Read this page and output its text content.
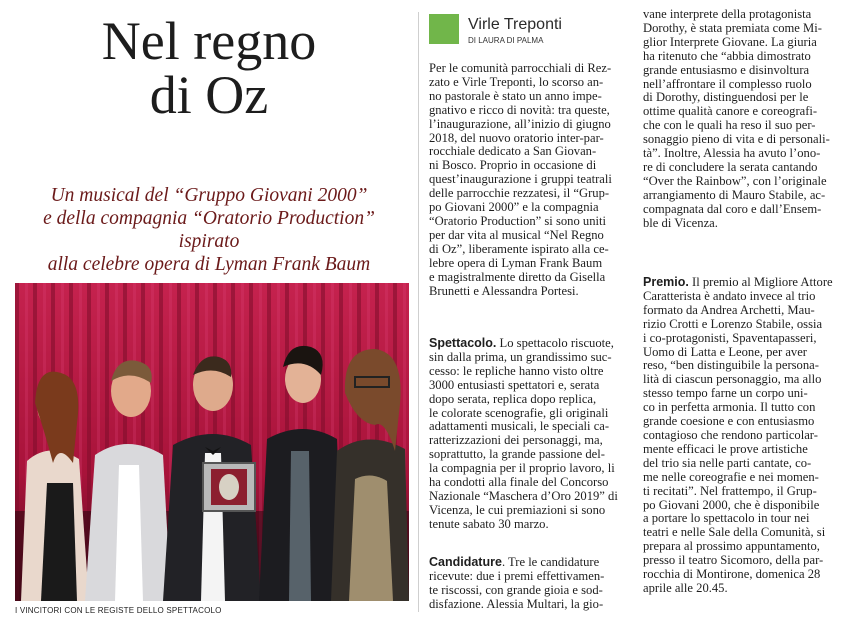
Nel regno
di Oz
Un musical del “Gruppo Giovani 2000”
e della compagnia “Oratorio Production” ispirato
alla celebre opera di Lyman Frank Baum
I VINCITORI CON LE REGISTE DELLO SPETTACOLO
Virle Treponti
DI LAURA DI PALMA
Per le comunità parrocchiali di Rez-
zato e Virle Treponti, lo scorso an-
no pastorale è stato un anno impe-
gnativo e ricco di novità: tra queste,
l’inaugurazione, all’inizio di giugno
2018, del nuovo oratorio inter-par-
rocchiale dedicato a San Giovan-
ni Bosco. Proprio in occasione di
quest’inaugurazione i gruppi teatrali
delle parrocchie rezzatesi, il “Grup-
po Giovani 2000” e la compagnia
“Oratorio Production” si sono uniti
per dar vita al musical “Nel Regno
di Oz”, liberamente ispirato alla ce-
lebre opera di Lyman Frank Baum
e magistralmente diretto da Gisella
Brunetti e Alessandra Portesi.
Spettacolo. Lo spettacolo riscuote,
sin dalla prima, un grandissimo suc-
cesso: le repliche hanno visto oltre
3000 entusiasti spettatori e, serata
dopo serata, replica dopo replica,
le colorate scenografie, gli originali
adattamenti musicali, le speciali ca-
ratterizzazioni dei personaggi, ma,
soprattutto, la grande passione del-
la compagnia per il proprio lavoro, li
ha condotti alla finale del Concorso
Nazionale “Maschera d’Oro 2019” di
Vicenza, le cui premiazioni si sono
tenute sabato 30 marzo.
Candidature. Tre le candidature
ricevute: due i premi effettivamen-
te riscossi, con grande gioia e sod-
disfazione. Alessia Multari, la gio-
vane interprete della protagonista
Dorothy, è stata premiata come Mi-
glior Interprete Giovane. La giuria
ha ritenuto che “abbia dimostrato
grande entusiasmo e disinvoltura
nell’affrontare il complesso ruolo
di Dorothy, distinguendosi per le
ottime qualità canore e coreografi-
che con le quali ha reso il suo per-
sonaggio pieno di vita e di personali-
tà”. Inoltre, Alessia ha avuto l’ono-
re di concludere la serata cantando
“Over the Rainbow”, con l’originale
arrangiamento di Mauro Stabile, ac-
compagnata dal coro e dall’Ensem-
ble di Vicenza.
Premio. Il premio al Migliore Attore
Caratterista è andato invece al trio
formato da Andrea Archetti, Mau-
rizio Crotti e Lorenzo Stabile, ossia
i co-protagonisti, Spaventapasseri,
Uomo di Latta e Leone, per aver
reso, “ben distinguibile la persona-
lità di ciascun personaggio, ma allo
stesso tempo farne un corpo uni-
co in perfetta armonia. Il tutto con
grande coesione e con entusiasmo
contagioso che rendono particolar-
mente efficaci le prove artistiche
del trio sia nelle parti cantate, co-
me nelle coreografie e nei momen-
ti recitati”. Nel frattempo, il Grup-
po Giovani 2000, che è disponibile
a portare lo spettacolo in tour nei
teatri e nelle Sale della Comunità, si
prepara al prossimo appuntamento,
presso il teatro Sicomoro, della par-
rocchia di Montirone, domenica 28
aprile alle 20.45.
